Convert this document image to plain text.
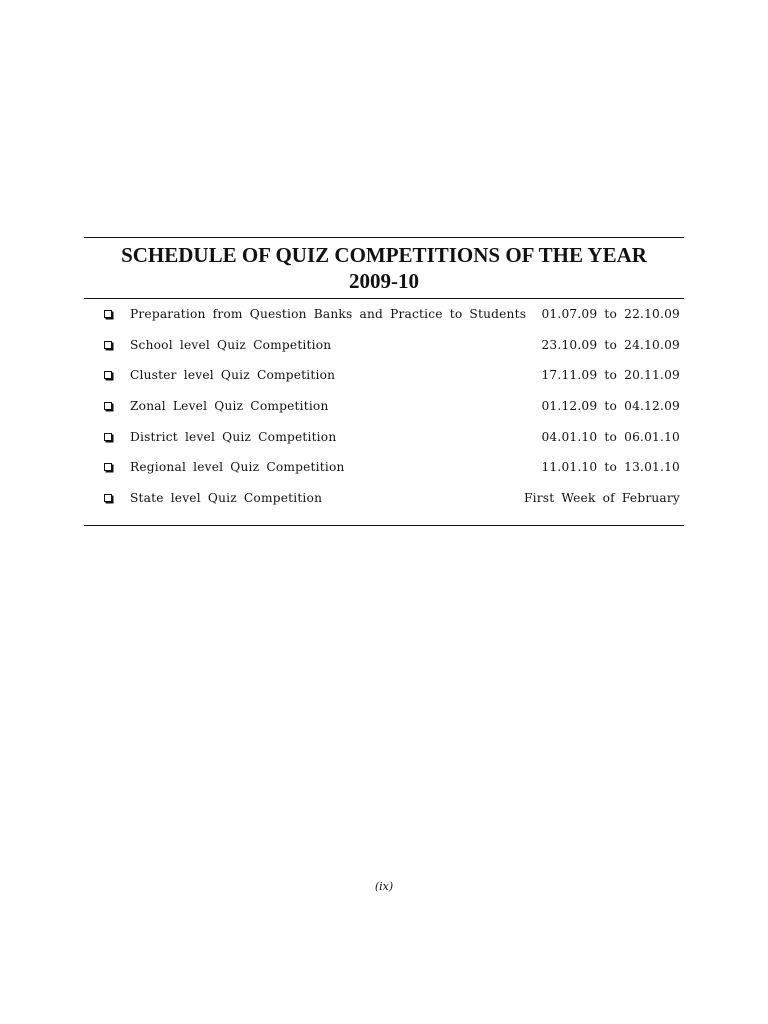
SCHEDULE OF QUIZ COMPETITIONS OF THE YEAR
2009-10
Preparation from Question Banks and Practice to Students 01.07.09 to 22.10.09
School level Quiz Competition	23.10.09 to 24.10.09
Cluster level Quiz Competition	17.11.09 to 20.11.09
Zonal Level Quiz Competition	01.12.09 to 04.12.09
District level Quiz Competition	04.01.10 to 06.01.10
Regional level Quiz Competition	11.01.10 to 13.01.10
State level Quiz Competition	First Week of February
(ix)
